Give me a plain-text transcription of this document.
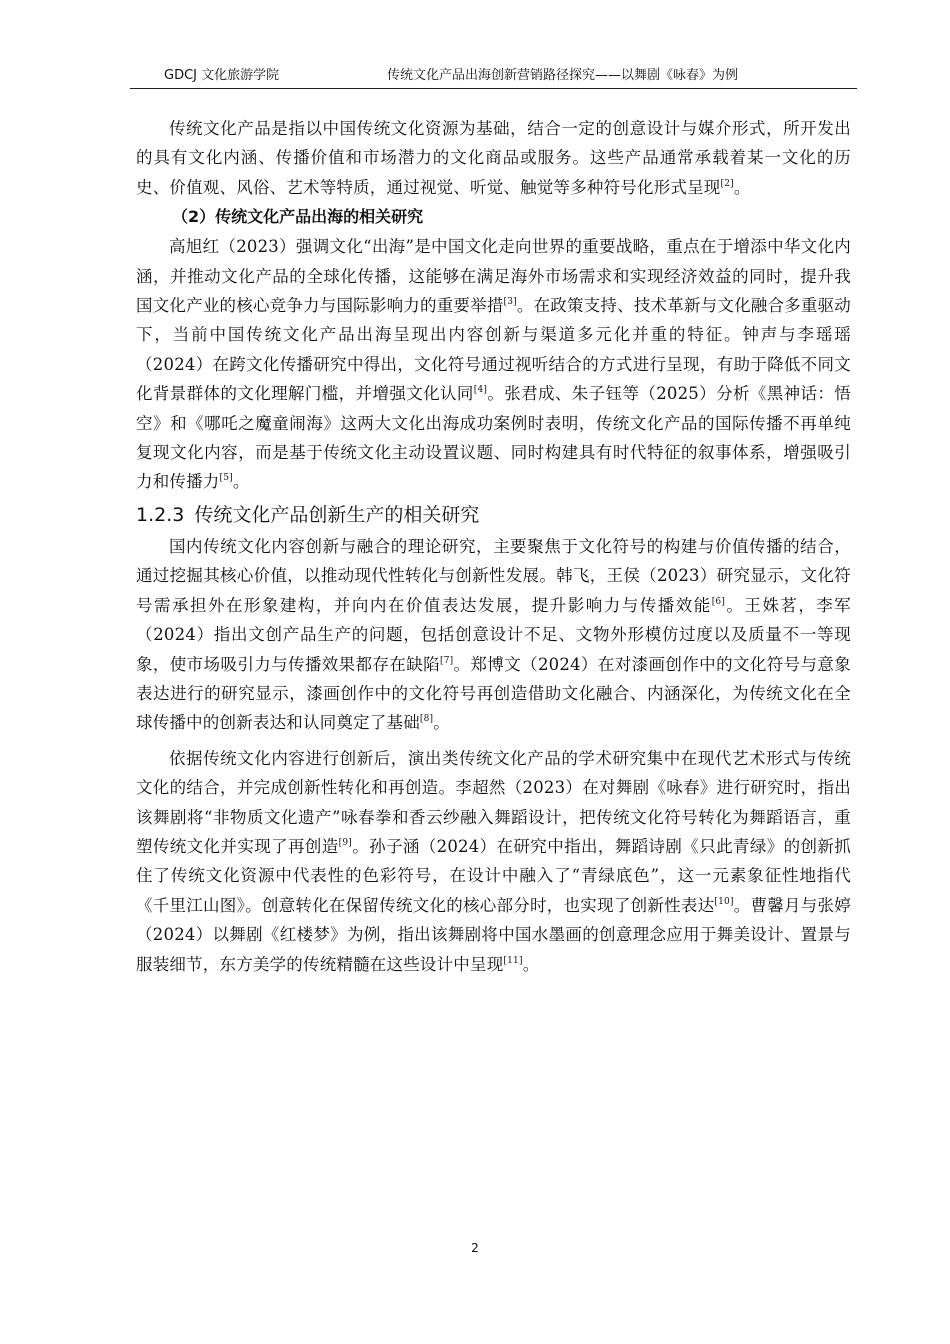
GDCJ 文化旅游学院	传统文化产品出海创新营销路径探究——以舞剧《咏春》为例

传统文化产品是指以中国传统文化资源为基础，结合一定的创意设计与媒介形式，所开发出的具有文化内涵、传播价值和市场潜力的文化商品或服务。这些产品通常承载着某一文化的历史、价值观、风俗、艺术等特质，通过视觉、听觉、触觉等多种符号化形式呈现[2]。

（2）传统文化产品出海的相关研究

高旭红（2023）强调文化“出海”是中国文化走向世界的重要战略，重点在于增添中华文化内涵，并推动文化产品的全球化传播，这能够在满足海外市场需求和实现经济效益的同时，提升我国文化产业的核心竞争力与国际影响力的重要举措[3]。在政策支持、技术革新与文化融合多重驱动下，当前中国传统文化产品出海呈现出内容创新与渠道多元化并重的特征。钟声与李瑶瑶（2024）在跨文化传播研究中得出，文化符号通过视听结合的方式进行呈现，有助于降低不同文化背景群体的文化理解门槛，并增强文化认同[4]。张君成、朱子钰等（2025）分析《黑神话：悟空》和《哪吒之魔童闹海》这两大文化出海成功案例时表明，传统文化产品的国际传播不再单纯复现文化内容，而是基于传统文化主动设置议题、同时构建具有时代特征的叙事体系，增强吸引力和传播力[5]。

1.2.3 传统文化产品创新生产的相关研究

国内传统文化内容创新与融合的理论研究，主要聚焦于文化符号的构建与价值传播的结合，通过挖掘其核心价值，以推动现代性转化与创新性发展。韩飞，王侯（2023）研究显示，文化符号需承担外在形象建构，并向内在价值表达发展，提升影响力与传播效能[6]。王姝茗，李军（2024）指出文创产品生产的问题，包括创意设计不足、文物外形模仿过度以及质量不一等现象，使市场吸引力与传播效果都存在缺陷[7]。郑博文（2024）在对漆画创作中的文化符号与意象表达进行的研究显示，漆画创作中的文化符号再创造借助文化融合、内涵深化，为传统文化在全球传播中的创新表达和认同奠定了基础[8]。

依据传统文化内容进行创新后，演出类传统文化产品的学术研究集中在现代艺术形式与传统文化的结合，并完成创新性转化和再创造。李超然（2023）在对舞剧《咏春》进行研究时，指出该舞剧将“非物质文化遗产”咏春拳和香云纱融入舞蹈设计，把传统文化符号转化为舞蹈语言，重塑传统文化并实现了再创造[9]。孙子涵（2024）在研究中指出，舞蹈诗剧《只此青绿》的创新抓住了传统文化资源中代表性的色彩符号，在设计中融入了“青绿底色”，这一元素象征性地指代《千里江山图》。创意转化在保留传统文化的核心部分时，也实现了创新性表达[10]。曹馨月与张婷（2024）以舞剧《红楼梦》为例，指出该舞剧将中国水墨画的创意理念应用于舞美设计、置景与服装细节，东方美学的传统精髓在这些设计中呈现[11]。

2
